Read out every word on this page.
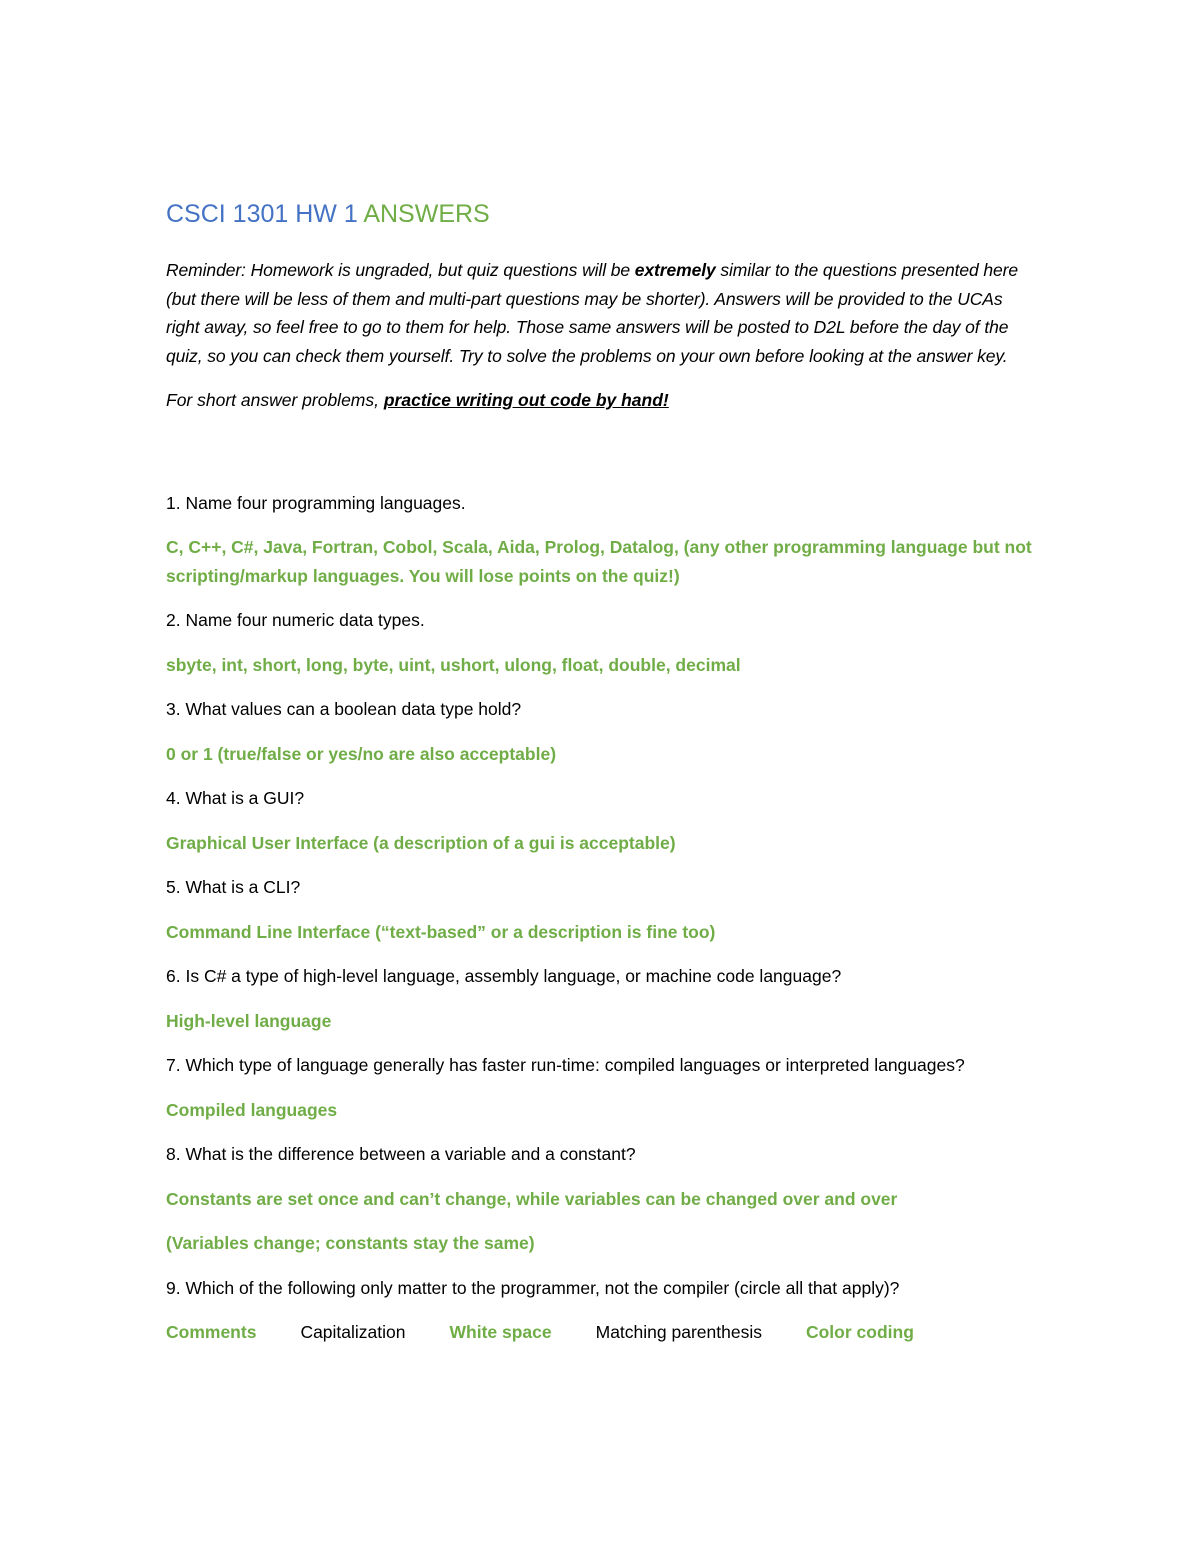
CSCI 1301 HW 1 ANSWERS

Reminder: Homework is ungraded, but quiz questions will be extremely similar to the questions presented here (but there will be less of them and multi-part questions may be shorter). Answers will be provided to the UCAs right away, so feel free to go to them for help. Those same answers will be posted to D2L before the day of the quiz, so you can check them yourself. Try to solve the problems on your own before looking at the answer key.

For short answer problems, practice writing out code by hand!

1. Name four programming languages.

C, C++, C#, Java, Fortran, Cobol, Scala, Aida, Prolog, Datalog, (any other programming language but not scripting/markup languages. You will lose points on the quiz!)

2. Name four numeric data types.

sbyte, int, short, long, byte, uint, ushort, ulong, float, double, decimal

3. What values can a boolean data type hold?

0 or 1 (true/false or yes/no are also acceptable)

4. What is a GUI?

Graphical User Interface (a description of a gui is acceptable)

5. What is a CLI?

Command Line Interface (“text-based” or a description is fine too)

6. Is C# a type of high-level language, assembly language, or machine code language?

High-level language

7. Which type of language generally has faster run-time: compiled languages or interpreted languages?

Compiled languages

8. What is the difference between a variable and a constant?

Constants are set once and can’t change, while variables can be changed over and over

(Variables change; constants stay the same)

9. Which of the following only matter to the programmer, not the compiler (circle all that apply)?

Comments	Capitalization	White space	Matching parenthesis	Color coding
